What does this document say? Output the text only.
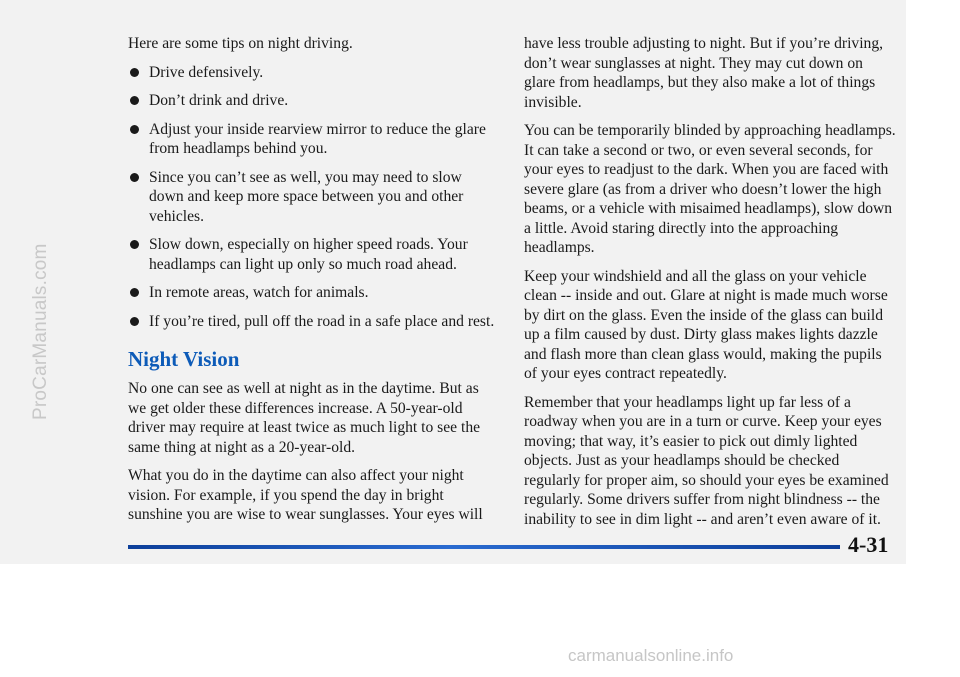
ProCarManuals.com

Here are some tips on night driving.

Drive defensively.
Don’t drink and drive.
Adjust your inside rearview mirror to reduce the glare from headlamps behind you.
Since you can’t see as well, you may need to slow down and keep more space between you and other vehicles.
Slow down, especially on higher speed roads. Your headlamps can light up only so much road ahead.
In remote areas, watch for animals.
If you’re tired, pull off the road in a safe place and rest.
Night Vision

No one can see as well at night as in the daytime. But as we get older these differences increase. A 50-year-old driver may require at least twice as much light to see the same thing at night as a 20-year-old.

What you do in the daytime can also affect your night vision. For example, if you spend the day in bright sunshine you are wise to wear sunglasses. Your eyes will

have less trouble adjusting to night. But if you’re driving, don’t wear sunglasses at night. They may cut down on glare from headlamps, but they also make a lot of things invisible.

You can be temporarily blinded by approaching headlamps. It can take a second or two, or even several seconds, for your eyes to readjust to the dark. When you are faced with severe glare (as from a driver who doesn’t lower the high beams, or a vehicle with misaimed headlamps), slow down a little. Avoid staring directly into the approaching headlamps.

Keep your windshield and all the glass on your vehicle clean -- inside and out. Glare at night is made much worse by dirt on the glass. Even the inside of the glass can build up a film caused by dust. Dirty glass makes lights dazzle and flash more than clean glass would, making the pupils of your eyes contract repeatedly.

Remember that your headlamps light up far less of a roadway when you are in a turn or curve. Keep your eyes moving; that way, it’s easier to pick out dimly lighted objects. Just as your headlamps should be checked regularly for proper aim, so should your eyes be examined regularly. Some drivers suffer from night blindness -- the inability to see in dim light -- and aren’t even aware of it.

4-31
carmanualsonline.info
